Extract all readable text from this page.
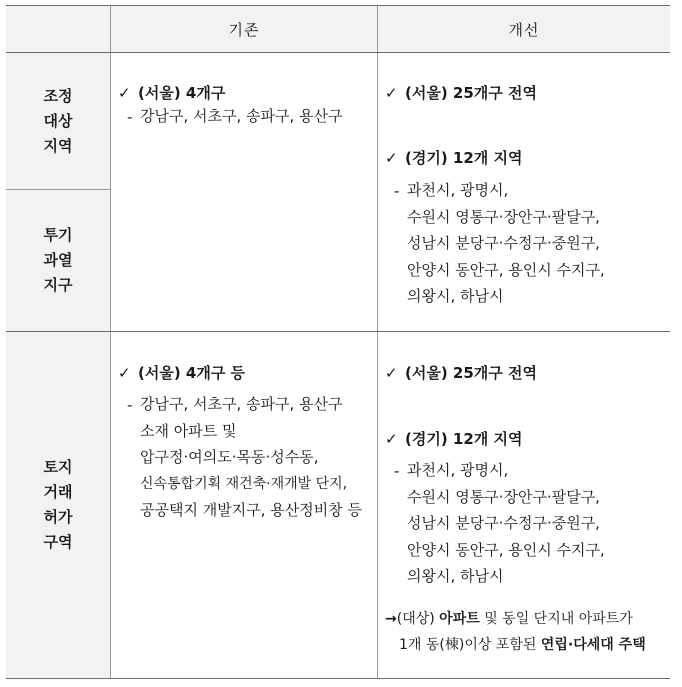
기존	개선
조정
대상
지역
투기
과열
지구
토지
거래
허가
구역
✓ (서울) 4개구
- 강남구, 서초구, 송파구, 용산구
✓ (서울) 25개구 전역
✓ (경기) 12개 지역
- 과천시, 광명시,
수원시 영통구·장안구·팔달구,
성남시 분당구·수정구·중원구,
안양시 동안구, 용인시 수지구,
의왕시, 하남시
✓ (서울) 4개구 등
- 강남구, 서초구, 송파구, 용산구
소재 아파트 및
압구정·여의도·목동·성수동,
신속통합기획 재건축·재개발 단지,
공공택지 개발지구, 용산정비창 등
✓ (서울) 25개구 전역
✓ (경기) 12개 지역
- 과천시, 광명시,
수원시 영통구·장안구·팔달구,
성남시 분당구·수정구·중원구,
안양시 동안구, 용인시 수지구,
의왕시, 하남시
→(대상) 아파트 및 동일 단지내 아파트가
1개 동(棟)이상 포함된 연립·다세대 주택
